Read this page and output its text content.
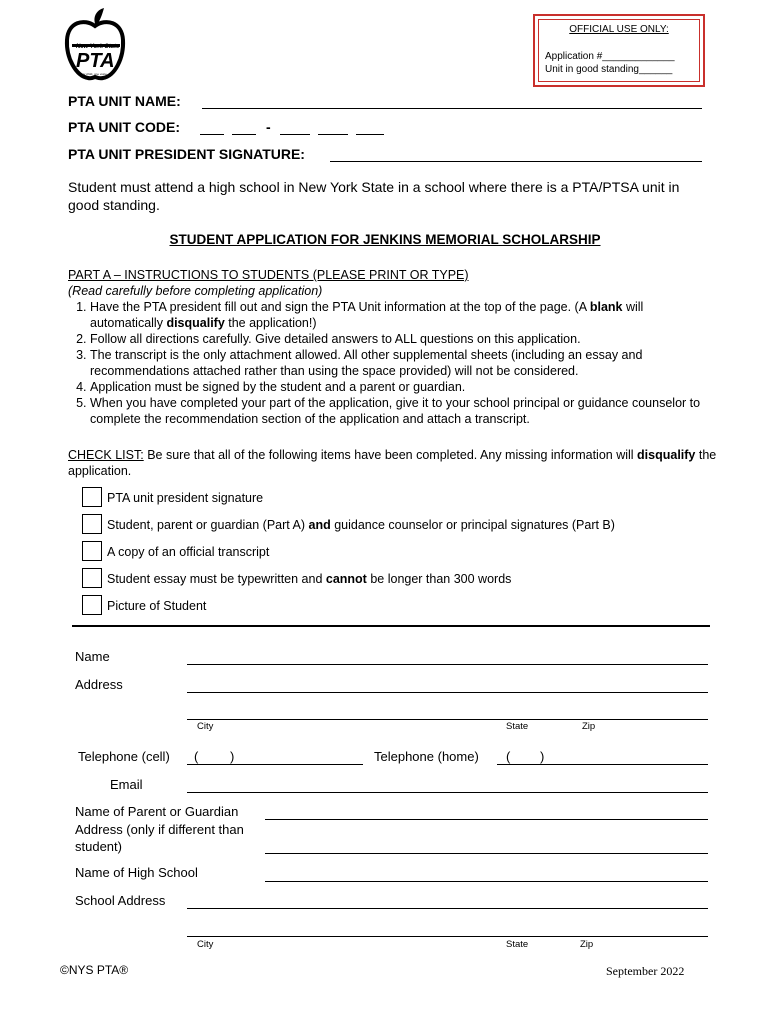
New York State
PTA
every child. one voice.
OFFICIAL USE ONLY:
Application #_____________
Unit in good standing______
PTA UNIT NAME:
PTA UNIT CODE:	-
PTA UNIT PRESIDENT SIGNATURE:
Student must attend a high school in New York State in a school where there is a PTA/PTSA unit in good standing.
STUDENT APPLICATION FOR JENKINS MEMORIAL SCHOLARSHIP
PART A – INSTRUCTIONS TO STUDENTS (PLEASE PRINT OR TYPE)
(Read carefully before completing application)
1. Have the PTA president fill out and sign the PTA Unit information at the top of the page. (A blank will automatically disqualify the application!)
2. Follow all directions carefully. Give detailed answers to ALL questions on this application.
3. The transcript is the only attachment allowed. All other supplemental sheets (including an essay and recommendations attached rather than using the space provided) will not be considered.
4. Application must be signed by the student and a parent or guardian.
5. When you have completed your part of the application, give it to your school principal or guidance counselor to complete the recommendation section of the application and attach a transcript.
CHECK LIST: Be sure that all of the following items have been completed. Any missing information will disqualify the application.
PTA unit president signature
Student, parent or guardian (Part A) and guidance counselor or principal signatures (Part B)
A copy of an official transcript
Student essay must be typewritten and cannot be longer than 300 words
Picture of Student
Name
Address
City	State	Zip
Telephone (cell) ( )	Telephone (home) ( )
Email
Name of Parent or Guardian
Address (only if different than
student)
Name of High School
School Address
City	State	Zip
©NYS PTA®	September 2022
